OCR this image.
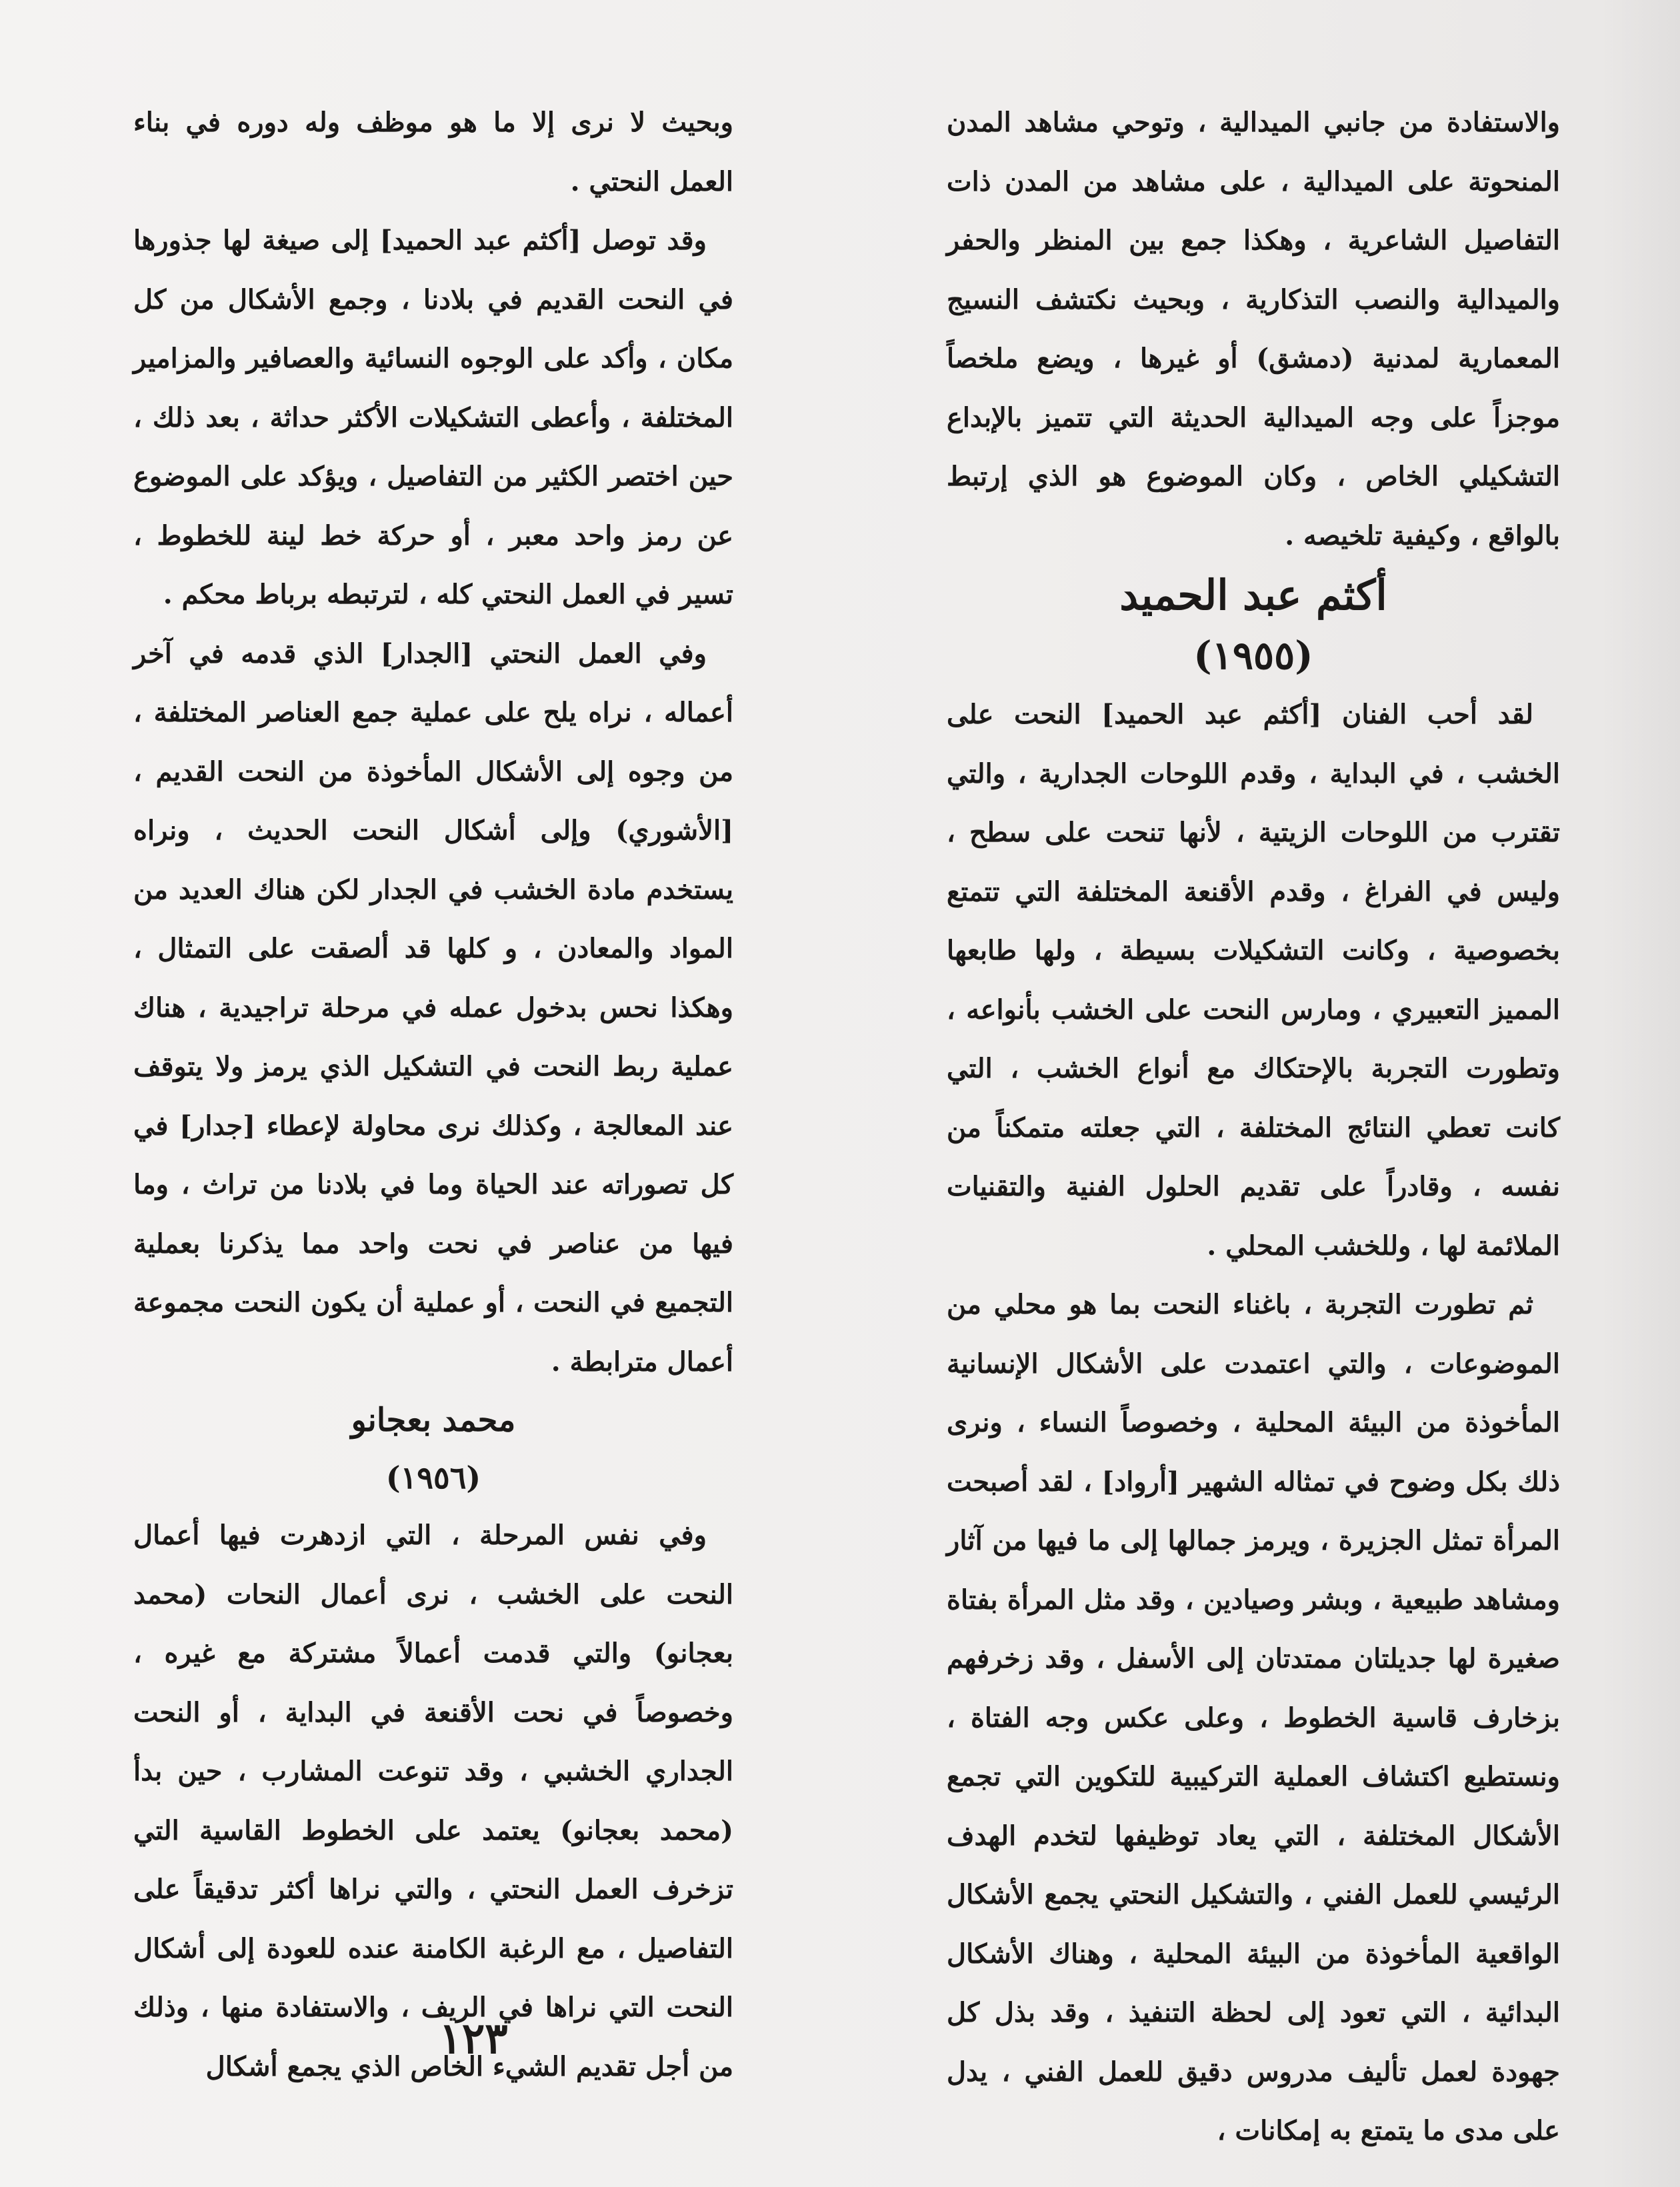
والاستفادة من جانبي الميدالية ، وتوحي مشاهد المدن المنحوتة على الميدالية ، على مشاهد من المدن ذات التفاصيل الشاعرية ، وهكذا جمع بين المنظر والحفر والميدالية والنصب التذكارية ، وبحيث نكتشف النسيج المعمارية لمدنية (دمشق) أو غيرها ، ويضع ملخصاً موجزاً على وجه الميدالية الحديثة التي تتميز بالإبداع التشكيلي الخاص ، وكان الموضوع هو الذي إرتبط بالواقع ، وكيفية تلخيصه .

أكثم عبد الحميد

(١٩٥٥)

لقد أحب الفنان [أكثم عبد الحميد] النحت على الخشب ، في البداية ، وقدم اللوحات الجدارية ، والتي تقترب من اللوحات الزيتية ، لأنها تنحت على سطح ، وليس في الفراغ ، وقدم الأقنعة المختلفة التي تتمتع بخصوصية ، وكانت التشكيلات بسيطة ، ولها طابعها المميز التعبيري ، ومارس النحت على الخشب بأنواعه ، وتطورت التجربة بالإحتكاك مع أنواع الخشب ، التي كانت تعطي النتائج المختلفة ، التي جعلته متمكناً من نفسه ، وقادراً على تقديم الحلول الفنية والتقنيات الملائمة لها ، وللخشب المحلي .

ثم تطورت التجربة ، باغناء النحت بما هو محلي من الموضوعات ، والتي اعتمدت على الأشكال الإنسانية المأخوذة من البيئة المحلية ، وخصوصاً النساء ، ونرى ذلك بكل وضوح في تمثاله الشهير [أرواد] ، لقد أصبحت المرأة تمثل الجزيرة ، ويرمز جمالها إلى ما فيها من آثار ومشاهد طبيعية ، وبشر وصيادين ، وقد مثل المرأة بفتاة صغيرة لها جديلتان ممتدتان إلى الأسفل ، وقد زخرفهم بزخارف قاسية الخطوط ، وعلى عكس وجه الفتاة ، ونستطيع اكتشاف العملية التركيبية للتكوين التي تجمع الأشكال المختلفة ، التي يعاد توظيفها لتخدم الهدف الرئيسي للعمل الفني ، والتشكيل النحتي يجمع الأشكال الواقعية المأخوذة من البيئة المحلية ، وهناك الأشكال البدائية ، التي تعود إلى لحظة التنفيذ ، وقد بذل كل جهودة لعمل تأليف مدروس دقيق للعمل الفني ، يدل على مدى ما يتمتع به إمكانات ،

وبحيث لا نرى إلا ما هو موظف وله دوره في بناء العمل النحتي .

وقد توصل [أكثم عبد الحميد] إلى صيغة لها جذورها في النحت القديم في بلادنا ، وجمع الأشكال من كل مكان ، وأكد على الوجوه النسائية والعصافير والمزامير المختلفة ، وأعطى التشكيلات الأكثر حداثة ، بعد ذلك ، حين اختصر الكثير من التفاصيل ، ويؤكد على الموضوع عن رمز واحد معبر ، أو حركة خط لينة للخطوط ، تسير في العمل النحتي كله ، لترتبطه برباط محكم .

وفي العمل النحتي [الجدار] الذي قدمه في آخر أعماله ، نراه يلح على عملية جمع العناصر المختلفة ، من وجوه إلى الأشكال المأخوذة من النحت القديم ، [الأشوري) وإلى أشكال النحت الحديث ، ونراه يستخدم مادة الخشب في الجدار لكن هناك العديد من المواد والمعادن ، و كلها قد ألصقت على التمثال ، وهكذا نحس بدخول عمله في مرحلة تراجيدية ، هناك عملية ربط النحت في التشكيل الذي يرمز ولا يتوقف عند المعالجة ، وكذلك نرى محاولة لإعطاء [جدار] في كل تصوراته عند الحياة وما في بلادنا من تراث ، وما فيها من عناصر في نحت واحد مما يذكرنا بعملية التجميع في النحت ، أو عملية أن يكون النحت مجموعة أعمال مترابطة .

محمد بعجانو

(١٩٥٦)

وفي نفس المرحلة ، التي ازدهرت فيها أعمال النحت على الخشب ، نرى أعمال النحات (محمد بعجانو) والتي قدمت أعمالاً مشتركة مع غيره ، وخصوصاً في نحت الأقنعة في البداية ، أو النحت الجداري الخشبي ، وقد تنوعت المشارب ، حين بدأ (محمد بعجانو) يعتمد على الخطوط القاسية التي تزخرف العمل النحتي ، والتي نراها أكثر تدقيقاً على التفاصيل ، مع الرغبة الكامنة عنده للعودة إلى أشكال النحت التي نراها في الريف ، والاستفادة منها ، وذلك من أجل تقديم الشيء الخاص الذي يجمع أشكال

١٢٣
